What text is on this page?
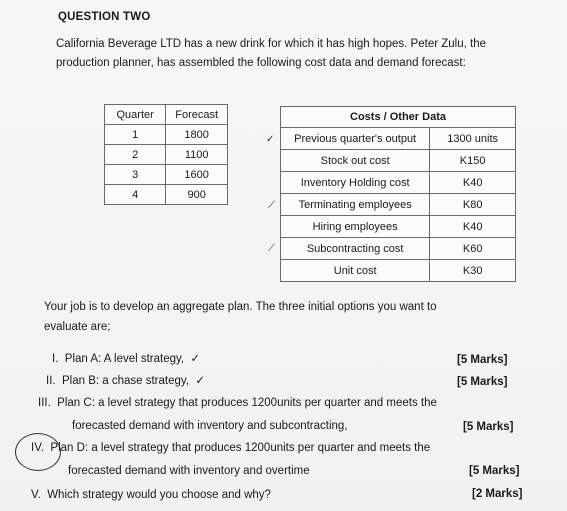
QUESTION TWO
California Beverage LTD has a new drink for which it has high hopes. Peter Zulu, the
production planner, has assembled the following cost data and demand forecast:
Quarter	Forecast
1	1800
2	1100
3	1600
4	900
Costs / Other Data	
Previous quarter's output	1300 units
Stock out cost	K150
Inventory Holding cost	K40
Terminating employees	K80
Hiring employees	K40
Subcontracting cost	K60
Unit cost	K30
✓
⟋
⟋
Your job is to develop an aggregate plan. The three initial options you want to
evaluate are;
I. Plan A: A level strategy,  ✓	[5 Marks]
II. Plan B: a chase strategy,  ✓	[5 Marks]
III. Plan C: a level strategy that produces 1200units per quarter and meets the
forecasted demand with inventory and subcontracting,	[5 Marks]
IV. Plan D: a level strategy that produces 1200units per quarter and meets the
forecasted demand with inventory and overtime	[5 Marks]
V. Which strategy would you choose and why?	[2 Marks]
